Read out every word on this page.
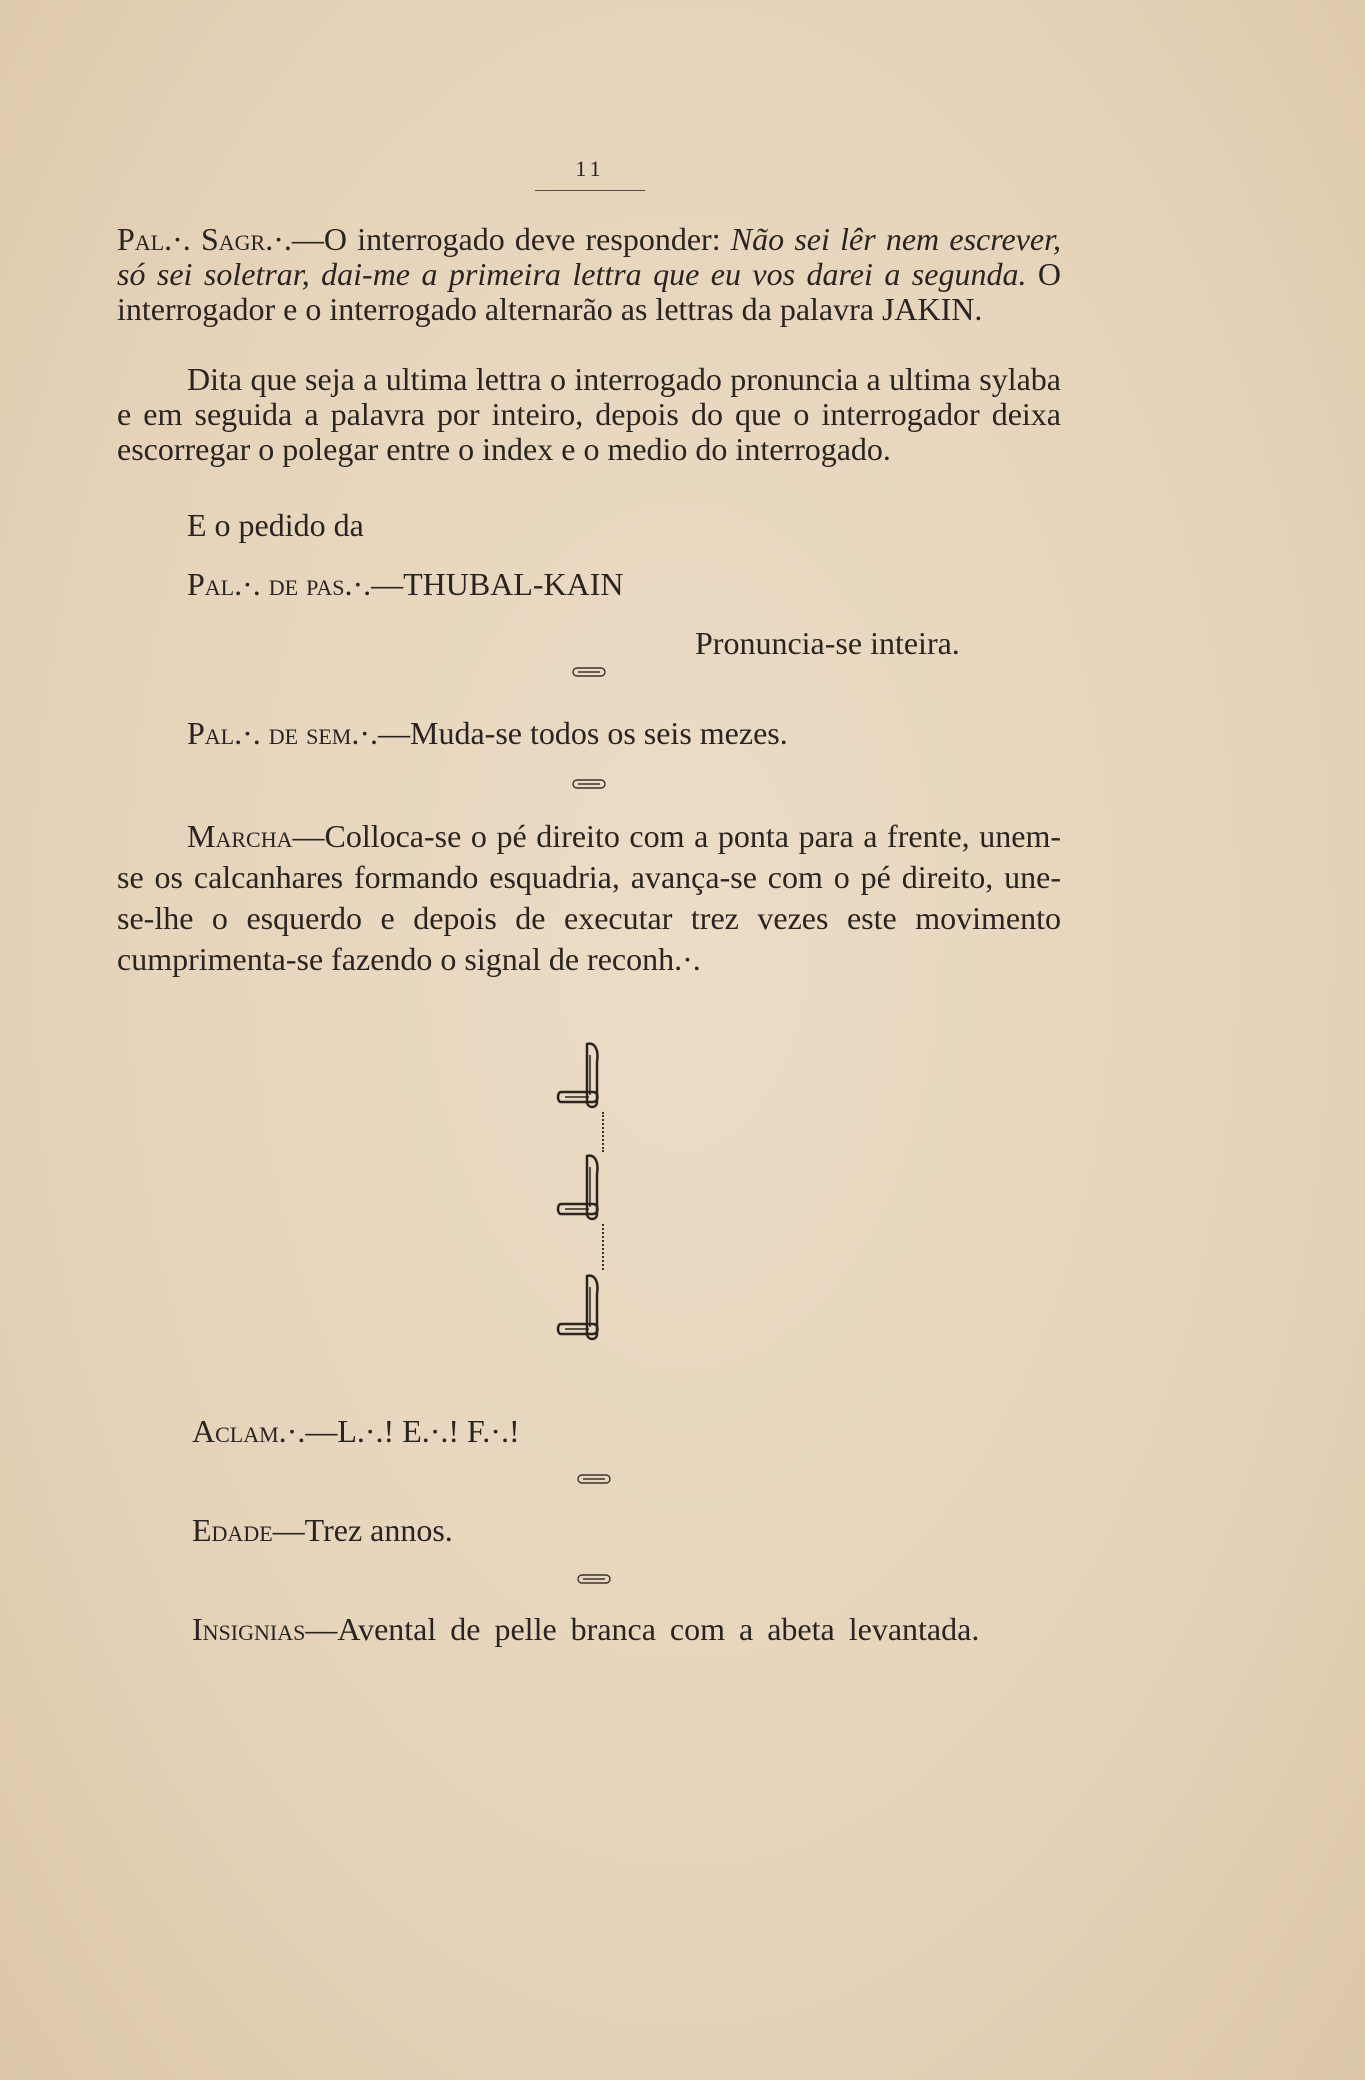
11

Pal.·. Sagr.·.—O interrogado deve responder: Não sei lêr nem escrever, só sei soletrar, dai-me a primeira lettra que eu vos darei a segunda. O interrogador e o interrogado alternarão as lettras da palavra JAKIN.

Dita que seja a ultima lettra o interrogado pronuncia a ultima sylaba e em seguida a palavra por inteiro, depois do que o interrogador deixa escorregar o polegar entre o index e o medio do interrogado.

E o pedido da

Pal.·. de pas.·.—THUBAL-KAIN

Pronuncia-se inteira.

Pal.·. de sem.·.—Muda-se todos os seis mezes.

Marcha—Colloca-se o pé direito com a ponta para a frente, unem-se os calcanhares formando esquadria, avança-se com o pé direito, une-se-lhe o esquerdo e depois de executar trez vezes este movimento cumprimenta-se fazendo o signal de reconh.·.

Aclam.·.—L.·.! E.·.! F.·.!

Edade—Trez annos.

Insignias—Avental de pelle branca com a abeta levantada.
